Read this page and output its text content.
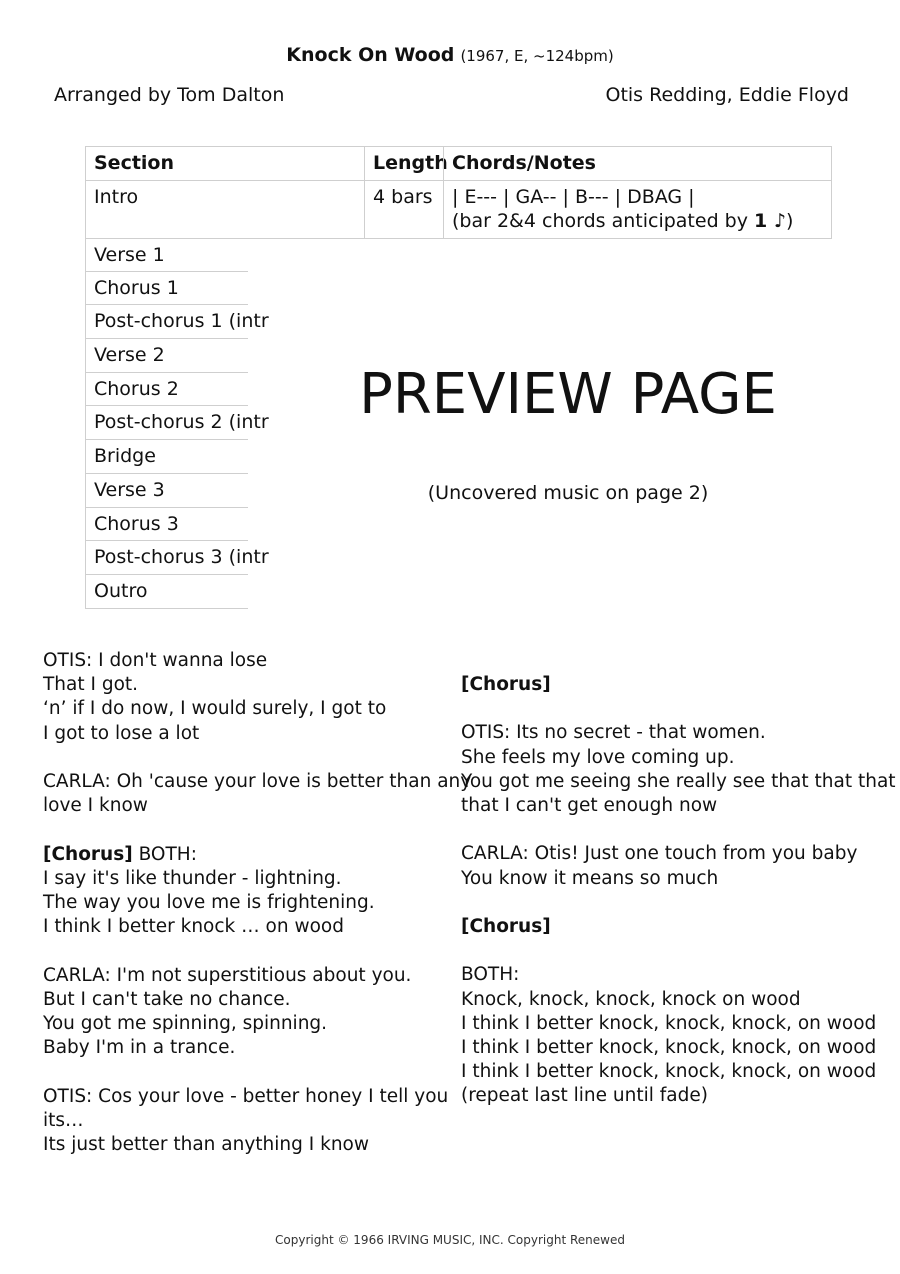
Knock On Wood (1967, E, ~124bpm)
Arranged by Tom Dalton	Otis Redding, Eddie Floyd
Section	Length Chords/Notes
Intro	4 bars	| E--- | GA-- | B--- | DBAG |
(bar 2&4 chords anticipated by 1 ♪)
Verse 1
Chorus 1
Post-chorus 1 (intr
Verse 2
Chorus 2
Post-chorus 2 (intr
Bridge
Verse 3
Chorus 3
Post-chorus 3 (intr
Outro
PREVIEW PAGE
(Uncovered music on page 2)
OTIS: I don't wanna lose
That I got.
‘n’ if I do now, I would surely, I got to
I got to lose a lot
CARLA: Oh 'cause your love is better than any
love I know
[Chorus] BOTH:
I say it's like thunder - lightning.
The way you love me is frightening.
I think I better knock … on wood
CARLA: I'm not superstitious about you.
But I can't take no chance.
You got me spinning, spinning.
Baby I'm in a trance.
OTIS: Cos your love - better honey I tell you
its…
Its just better than anything I know
[Chorus]
OTIS: Its no secret - that women.
She feels my love coming up.
You got me seeing she really see that that that
that I can't get enough now
CARLA: Otis! Just one touch from you baby
You know it means so much
[Chorus]
BOTH:
Knock, knock, knock, knock on wood
I think I better knock, knock, knock, on wood
I think I better knock, knock, knock, on wood
I think I better knock, knock, knock, on wood
(repeat last line until fade)
Copyright © 1966 IRVING MUSIC, INC. Copyright Renewed
